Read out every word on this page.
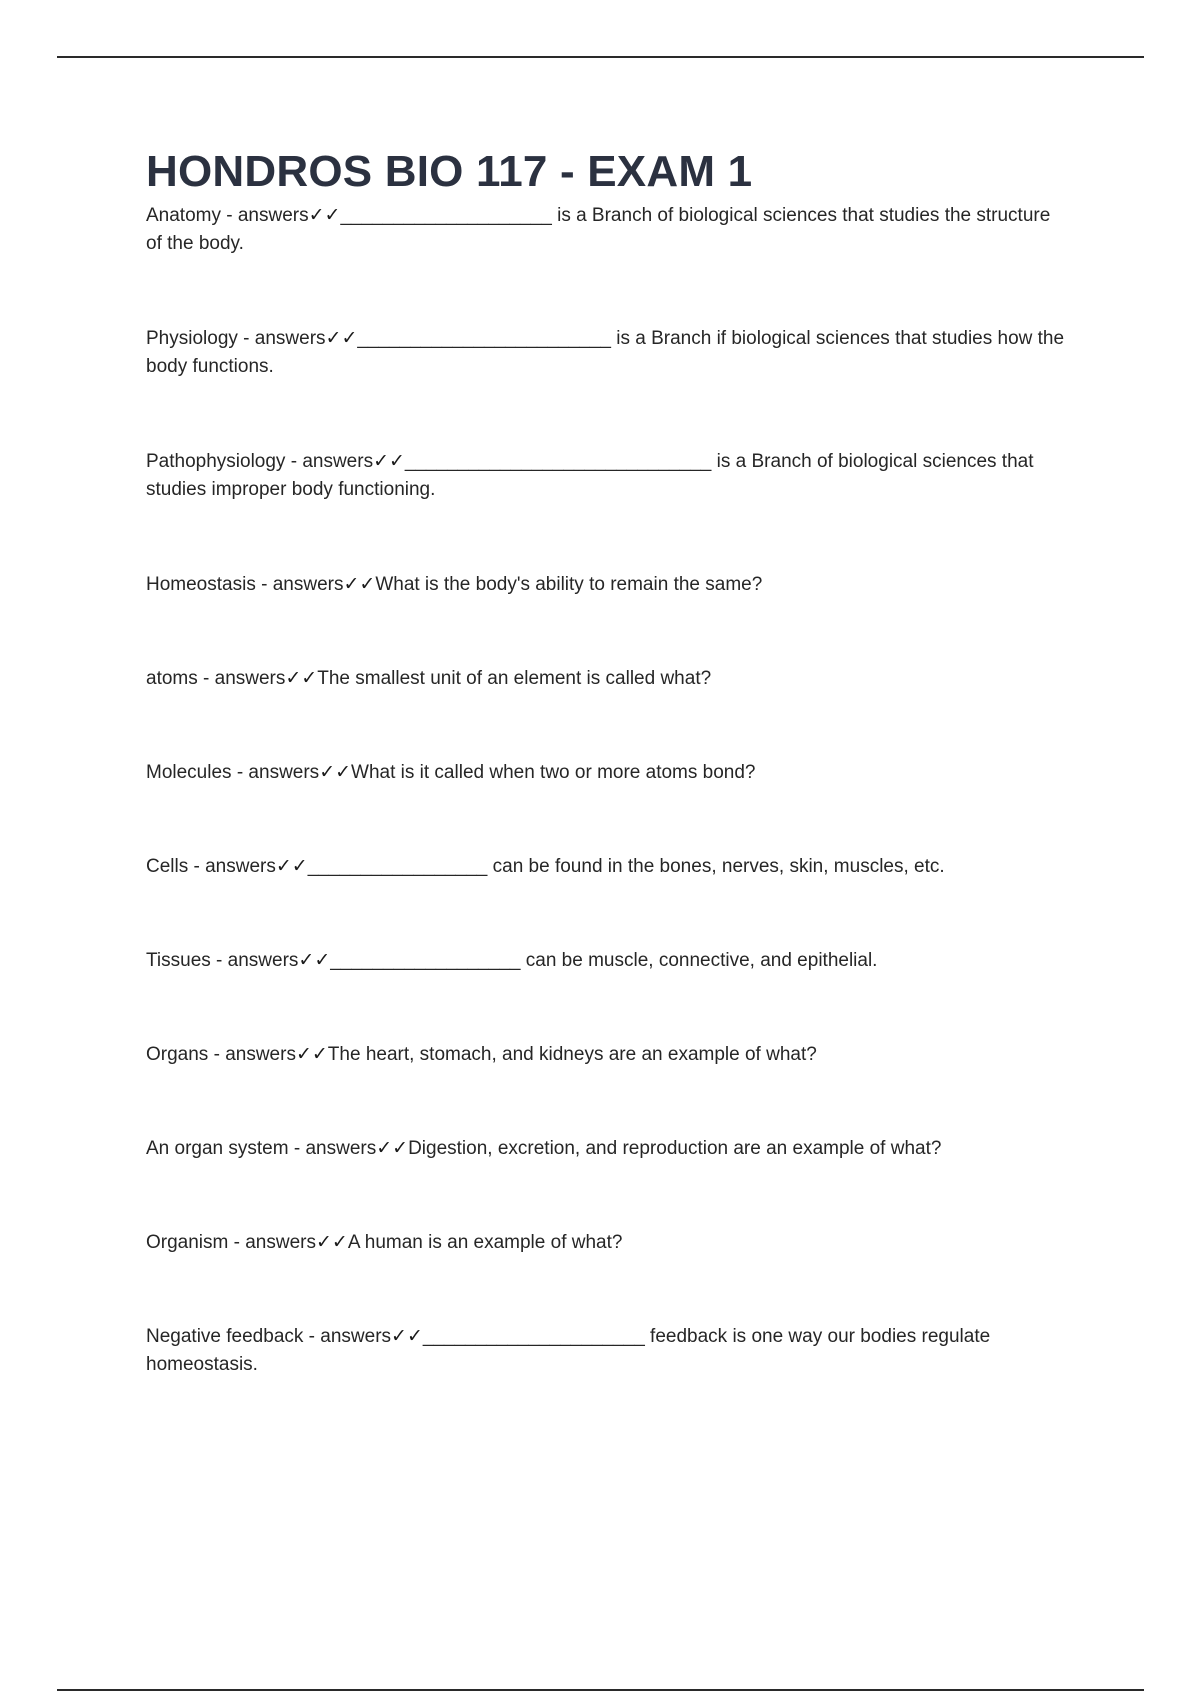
HONDROS BIO 117 - EXAM 1
Anatomy - answers✓✓____________________ is a Branch of biological sciences that studies the structure of the body.
Physiology - answers✓✓________________________ is a Branch if biological sciences that studies how the body functions.
Pathophysiology - answers✓✓_____________________________ is a Branch of biological sciences that studies improper body functioning.
Homeostasis - answers✓✓What is the body's ability to remain the same?
atoms - answers✓✓The smallest unit of an element is called what?
Molecules - answers✓✓What is it called when two or more atoms bond?
Cells - answers✓✓_________________ can be found in the bones, nerves, skin, muscles, etc.
Tissues - answers✓✓__________________ can be muscle, connective, and epithelial.
Organs - answers✓✓The heart, stomach, and kidneys are an example of what?
An organ system - answers✓✓Digestion, excretion, and reproduction are an example of what?
Organism - answers✓✓A human is an example of what?
Negative feedback - answers✓✓_____________________ feedback is one way our bodies regulate homeostasis.
